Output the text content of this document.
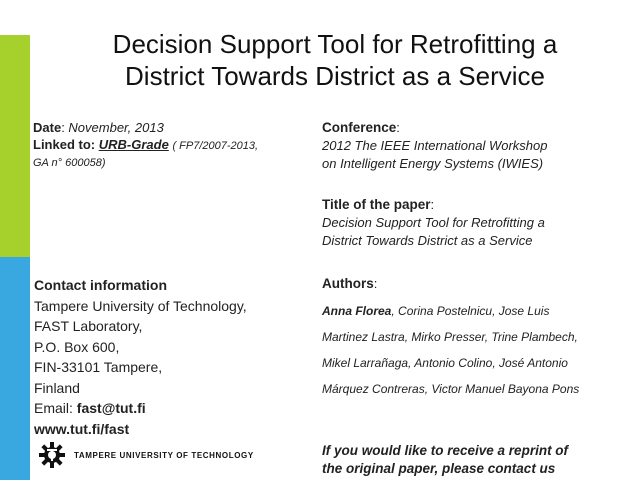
Decision Support Tool for Retrofitting a
District Towards District as a Service
Date: November, 2013
Linked to: URB-Grade ( FP7/2007-2013,
GA n° 600058)
Contact information
Tampere University of Technology,
FAST Laboratory,
P.O. Box 600,
FIN-33101 Tampere,
Finland
Email: fast@tut.fi
www.tut.fi/fast
Conference:
2012 The IEEE International Workshop
on Intelligent Energy Systems (IWIES)
Title of the paper:
Decision Support Tool for Retrofitting a
District Towards District as a Service
Authors:
Anna Florea, Corina Postelnicu, Jose Luis
Martinez Lastra, Mirko Presser, Trine Plambech,
Mikel Larrañaga, Antonio Colino, José Antonio
Márquez Contreras, Victor Manuel Bayona Pons
If you would like to receive a reprint of
the original paper, please contact us
TAMPERE UNIVERSITY OF TECHNOLOGY
